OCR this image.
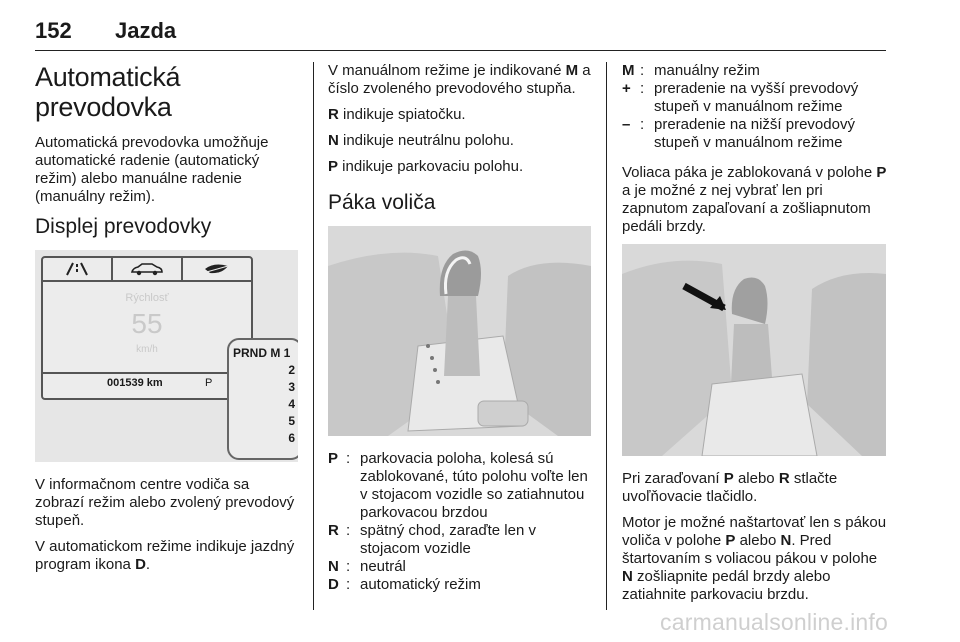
152 Jazda
Automatická prevodovka

Automatická prevodovka umožňuje automatické radenie (automatický režim) alebo manuálne radenie (manuálny režim).

Displej prevodovky
Rýchlosť
55
km/h
001539 km	P
PRND M 1
2
3
4
5
6

V informačnom centre vodiča sa zobrazí režim alebo zvolený prevodový stupeň.

V automatickom režime indikuje jazdný program ikona D.

V manuálnom režime je indikované M a číslo zvoleného prevodového stupňa.

R indikuje spiatočku.

N indikuje neutrálnu polohu.

P indikuje parkovaciu polohu.

Páka voliča
P : parkovacia poloha, kolesá sú zablokované, túto polohu voľte len v stojacom vozidle so zatiahnutou parkovacou brzdou
R : spätný chod, zaraďte len v stojacom vozidle
N : neutrál
D : automatický režim
M : manuálny režim
+ : preradenie na vyšší prevodový stupeň v manuálnom režime
– : preradenie na nižší prevodový stupeň v manuálnom režime

Voliaca páka je zablokovaná v polohe P a je možné z nej vybrať len pri zapnutom zapaľovaní a zošliapnutom pedáli brzdy.

Pri zaraďovaní P alebo R stlačte uvoľňovacie tlačidlo.

Motor je možné naštartovať len s pákou voliča v polohe P alebo N. Pred štartovaním s voliacou pákou v polohe N zošliapnite pedál brzdy alebo zatiahnite parkovaciu brzdu.

carmanualsonline.info
